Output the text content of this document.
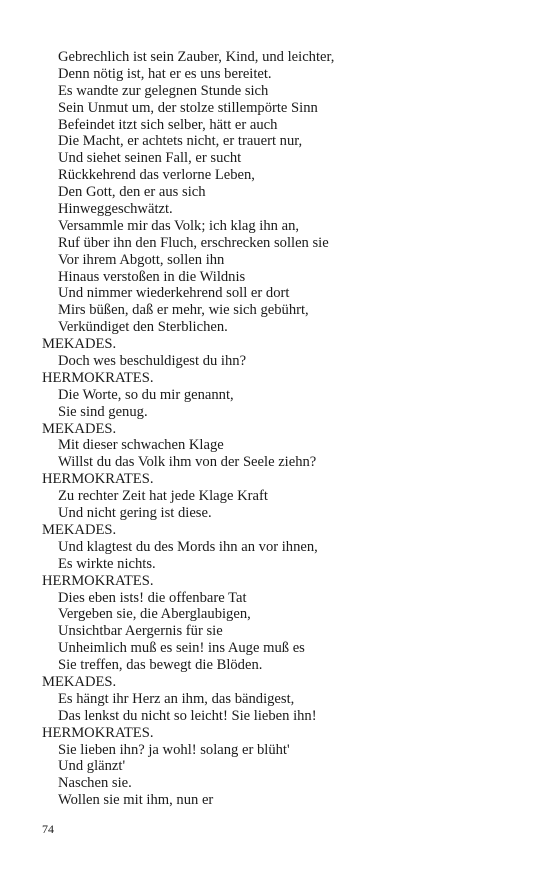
Gebrechlich ist sein Zauber, Kind, und leichter,
Denn nötig ist, hat er es uns bereitet.
Es wandte zur gelegnen Stunde sich
Sein Unmut um, der stolze stillempörte Sinn
Befeindet itzt sich selber, hätt er auch
Die Macht, er achtets nicht, er trauert nur,
Und siehet seinen Fall, er sucht
Rückkehrend das verlorne Leben,
Den Gott, den er aus sich
Hinweggeschwätzt.
Versammle mir das Volk; ich klag ihn an,
Ruf über ihn den Fluch, erschrecken sollen sie
Vor ihrem Abgott, sollen ihn
Hinaus verstoßen in die Wildnis
Und nimmer wiederkehrend soll er dort
Mirs büßen, daß er mehr, wie sich gebührt,
Verkündiget den Sterblichen.
MEKADES.
Doch wes beschuldigest du ihn?
HERMOKRATES.
Die Worte, so du mir genannt,
Sie sind genug.
MEKADES.
Mit dieser schwachen Klage
Willst du das Volk ihm von der Seele ziehn?
HERMOKRATES.
Zu rechter Zeit hat jede Klage Kraft
Und nicht gering ist diese.
MEKADES.
Und klagtest du des Mords ihn an vor ihnen,
Es wirkte nichts.
HERMOKRATES.
Dies eben ists! die offenbare Tat
Vergeben sie, die Aberglaubigen,
Unsichtbar Aergernis für sie
Unheimlich muß es sein! ins Auge muß es
Sie treffen, das bewegt die Blöden.
MEKADES.
Es hängt ihr Herz an ihm, das bändigest,
Das lenkst du nicht so leicht! Sie lieben ihn!
HERMOKRATES.
Sie lieben ihn? ja wohl! solang er blüht'
Und glänzt'
Naschen sie.
Wollen sie mit ihm, nun er
74
